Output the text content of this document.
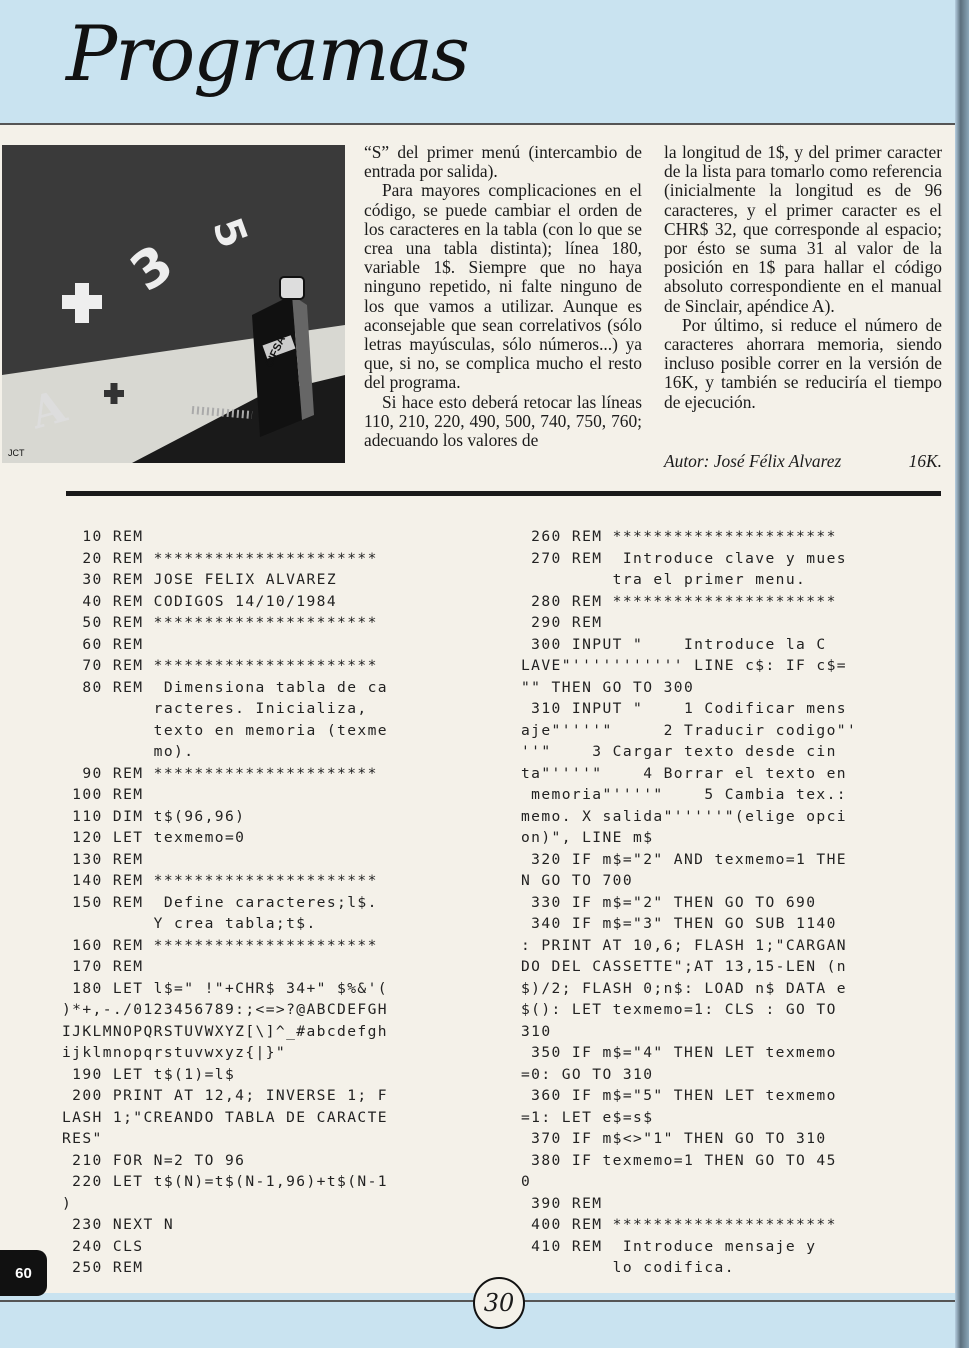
Programas
3
5
A
CIFSA
JCT

“S” del primer menú (intercambio de entrada por salida).

Para mayores complicaciones en el código, se puede cambiar el orden de los caracteres en la tabla (con lo que se crea una tabla distinta); línea 180, variable 1$. Siempre que no haya ninguno repetido, ni falte ninguno de los que vamos a utilizar. Aunque es aconsejable que sean correlativos (sólo letras mayúsculas, sólo números...) ya que, si no, se complica mucho el resto del programa.

Si hace esto deberá retocar las líneas 110, 210, 220, 490, 500, 740, 750, 760; adecuando los valores de

la longitud de 1$, y del primer caracter de la lista para tomarlo como referencia (inicialmente la longitud es de 96 caracteres, y el primer caracter es el CHR$ 32, que corresponde al espacio; por ésto se suma 31 al valor de la posición en 1$ para hallar el código absoluto correspondiente en el manual de Sinclair, apéndice A).

Por último, si reduce el número de caracteres ahorrara memoria, siendo incluso posible correr en la versión de 16K, y también se reduciría el tiempo de ejecución.

Autor: José Félix Alvarez	16K.
10 REM
20 REM **********************
30 REM JOSE FELIX ALVAREZ
40 REM CODIGOS 14/10/1984
50 REM **********************
60 REM
70 REM **********************
80 REM  Dimensiona tabla de ca
racteres. Inicializa,
texto en memoria (texme
mo).
90 REM **********************
100 REM
110 DIM t$(96,96)
120 LET texmemo=0
130 REM
140 REM **********************
150 REM  Define caracteres;l$.
Y crea tabla;t$.
160 REM **********************
170 REM
180 LET l$=" !"+CHR$ 34+" $%&'(
)*+,-./0123456789:;<=>?@ABCDEFGH
IJKLMNOPQRSTUVWXYZ[\]^_#abcdefgh
ijklmnopqrstuvwxyz{|}"
190 LET t$(1)=l$
200 PRINT AT 12,4; INVERSE 1; F
LASH 1;"CREANDO TABLA DE CARACTE
RES"
210 FOR N=2 TO 96
220 LET t$(N)=t$(N-1,96)+t$(N-1
)
230 NEXT N
240 CLS
250 REM
260 REM **********************
270 REM  Introduce clave y mues
tra el primer menu.
280 REM **********************
290 REM
300 INPUT "    Introduce la C
LAVE"''''''''''' LINE c$: IF c$=
"" THEN GO TO 300
310 INPUT "    1 Codificar mens
aje"''''"     2 Traducir codigo"'
''"    3 Cargar texto desde cin
ta"''''"    4 Borrar el texto en
memoria"''''"    5 Cambia tex.:
memo. X salida"'''''"(elige opci
on)", LINE m$
320 IF m$="2" AND texmemo=1 THE
N GO TO 700
330 IF m$="2" THEN GO TO 690
340 IF m$="3" THEN GO SUB 1140
: PRINT AT 10,6; FLASH 1;"CARGAN
DO DEL CASSETTE";AT 13,15-LEN (n
$)/2; FLASH 0;n$: LOAD n$ DATA e
$(): LET texmemo=1: CLS : GO TO
310
350 IF m$="4" THEN LET texmemo
=0: GO TO 310
360 IF m$="5" THEN LET texmemo
=1: LET e$=s$
370 IF m$<>"1" THEN GO TO 310
380 IF texmemo=1 THEN GO TO 45
0
390 REM
400 REM **********************
410 REM  Introduce mensaje y
lo codifica.
60
30
